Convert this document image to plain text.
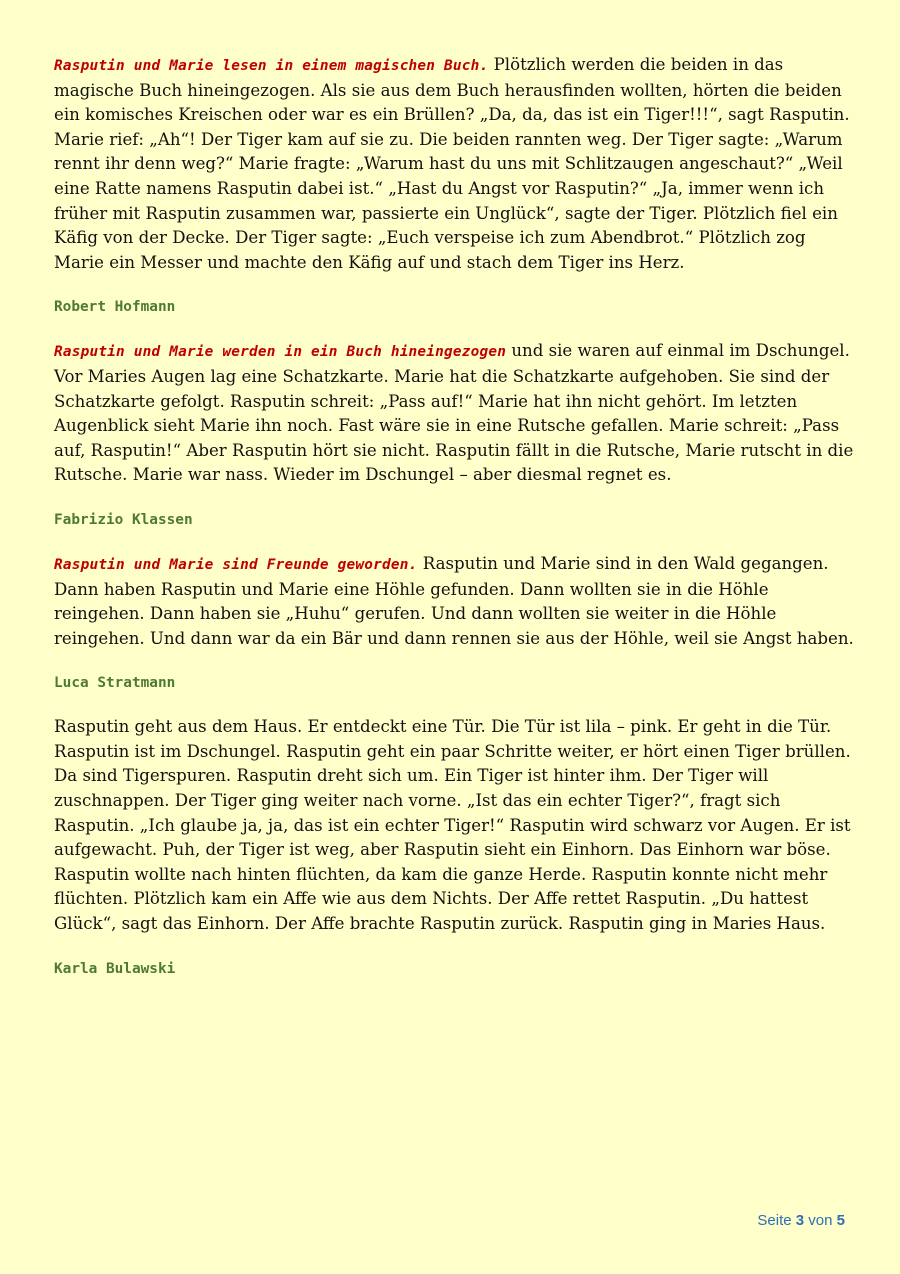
Rasputin und Marie lesen in einem magischen Buch. Plötzlich werden die beiden in das magische Buch hineingezogen. Als sie aus dem Buch herausfinden wollten, hörten die beiden ein komisches Kreischen oder war es ein Brüllen? „Da, da, das ist ein Tiger!!!“, sagt Rasputin. Marie rief: „Ah“! Der Tiger kam auf sie zu. Die beiden rannten weg. Der Tiger sagte: „Warum rennt ihr denn weg?“ Marie fragte: „Warum hast du uns mit Schlitzaugen angeschaut?“ „Weil eine Ratte namens Rasputin dabei ist.“ „Hast du Angst vor Rasputin?“ „Ja, immer wenn ich früher mit Rasputin zusammen war, passierte ein Unglück“, sagte der Tiger. Plötzlich fiel ein Käfig von der Decke. Der Tiger sagte: „Euch verspeise ich zum Abendbrot.“ Plötzlich zog Marie ein Messer und machte den Käfig auf und stach dem Tiger ins Herz.

Robert Hofmann

Rasputin und Marie werden in ein Buch hineingezogen und sie waren auf einmal im Dschungel. Vor Maries Augen lag eine Schatzkarte. Marie hat die Schatzkarte aufgehoben. Sie sind der Schatzkarte gefolgt. Rasputin schreit: „Pass auf!“ Marie hat ihn nicht gehört. Im letzten Augenblick sieht Marie ihn noch. Fast wäre sie in eine Rutsche gefallen. Marie schreit: „Pass auf, Rasputin!“ Aber Rasputin hört sie nicht. Rasputin fällt in die Rutsche, Marie rutscht in die Rutsche. Marie war nass. Wieder im Dschungel – aber diesmal regnet es.

Fabrizio Klassen

Rasputin und Marie sind Freunde geworden. Rasputin und Marie sind in den Wald gegangen. Dann haben Rasputin und Marie eine Höhle gefunden. Dann wollten sie in die Höhle reingehen. Dann haben sie „Huhu“ gerufen. Und dann wollten sie weiter in die Höhle reingehen. Und dann war da ein Bär und dann rennen sie aus der Höhle, weil sie Angst haben.

Luca Stratmann

Rasputin geht aus dem Haus. Er entdeckt eine Tür. Die Tür ist lila – pink. Er geht in die Tür. Rasputin ist im Dschungel. Rasputin geht ein paar Schritte weiter, er hört einen Tiger brüllen. Da sind Tigerspuren. Rasputin dreht sich um. Ein Tiger ist hinter ihm. Der Tiger will zuschnappen. Der Tiger ging weiter nach vorne. „Ist das ein echter Tiger?“, fragt sich Rasputin. „Ich glaube ja, ja, das ist ein echter Tiger!“ Rasputin wird schwarz vor Augen. Er ist aufgewacht. Puh, der Tiger ist weg, aber Rasputin sieht ein Einhorn. Das Einhorn war böse. Rasputin wollte nach hinten flüchten, da kam die ganze Herde. Rasputin konnte nicht mehr flüchten. Plötzlich kam ein Affe wie aus dem Nichts. Der Affe rettet Rasputin. „Du hattest Glück“, sagt das Einhorn. Der Affe brachte Rasputin zurück. Rasputin ging in Maries Haus.

Karla Bulawski
Seite 3 von 5
